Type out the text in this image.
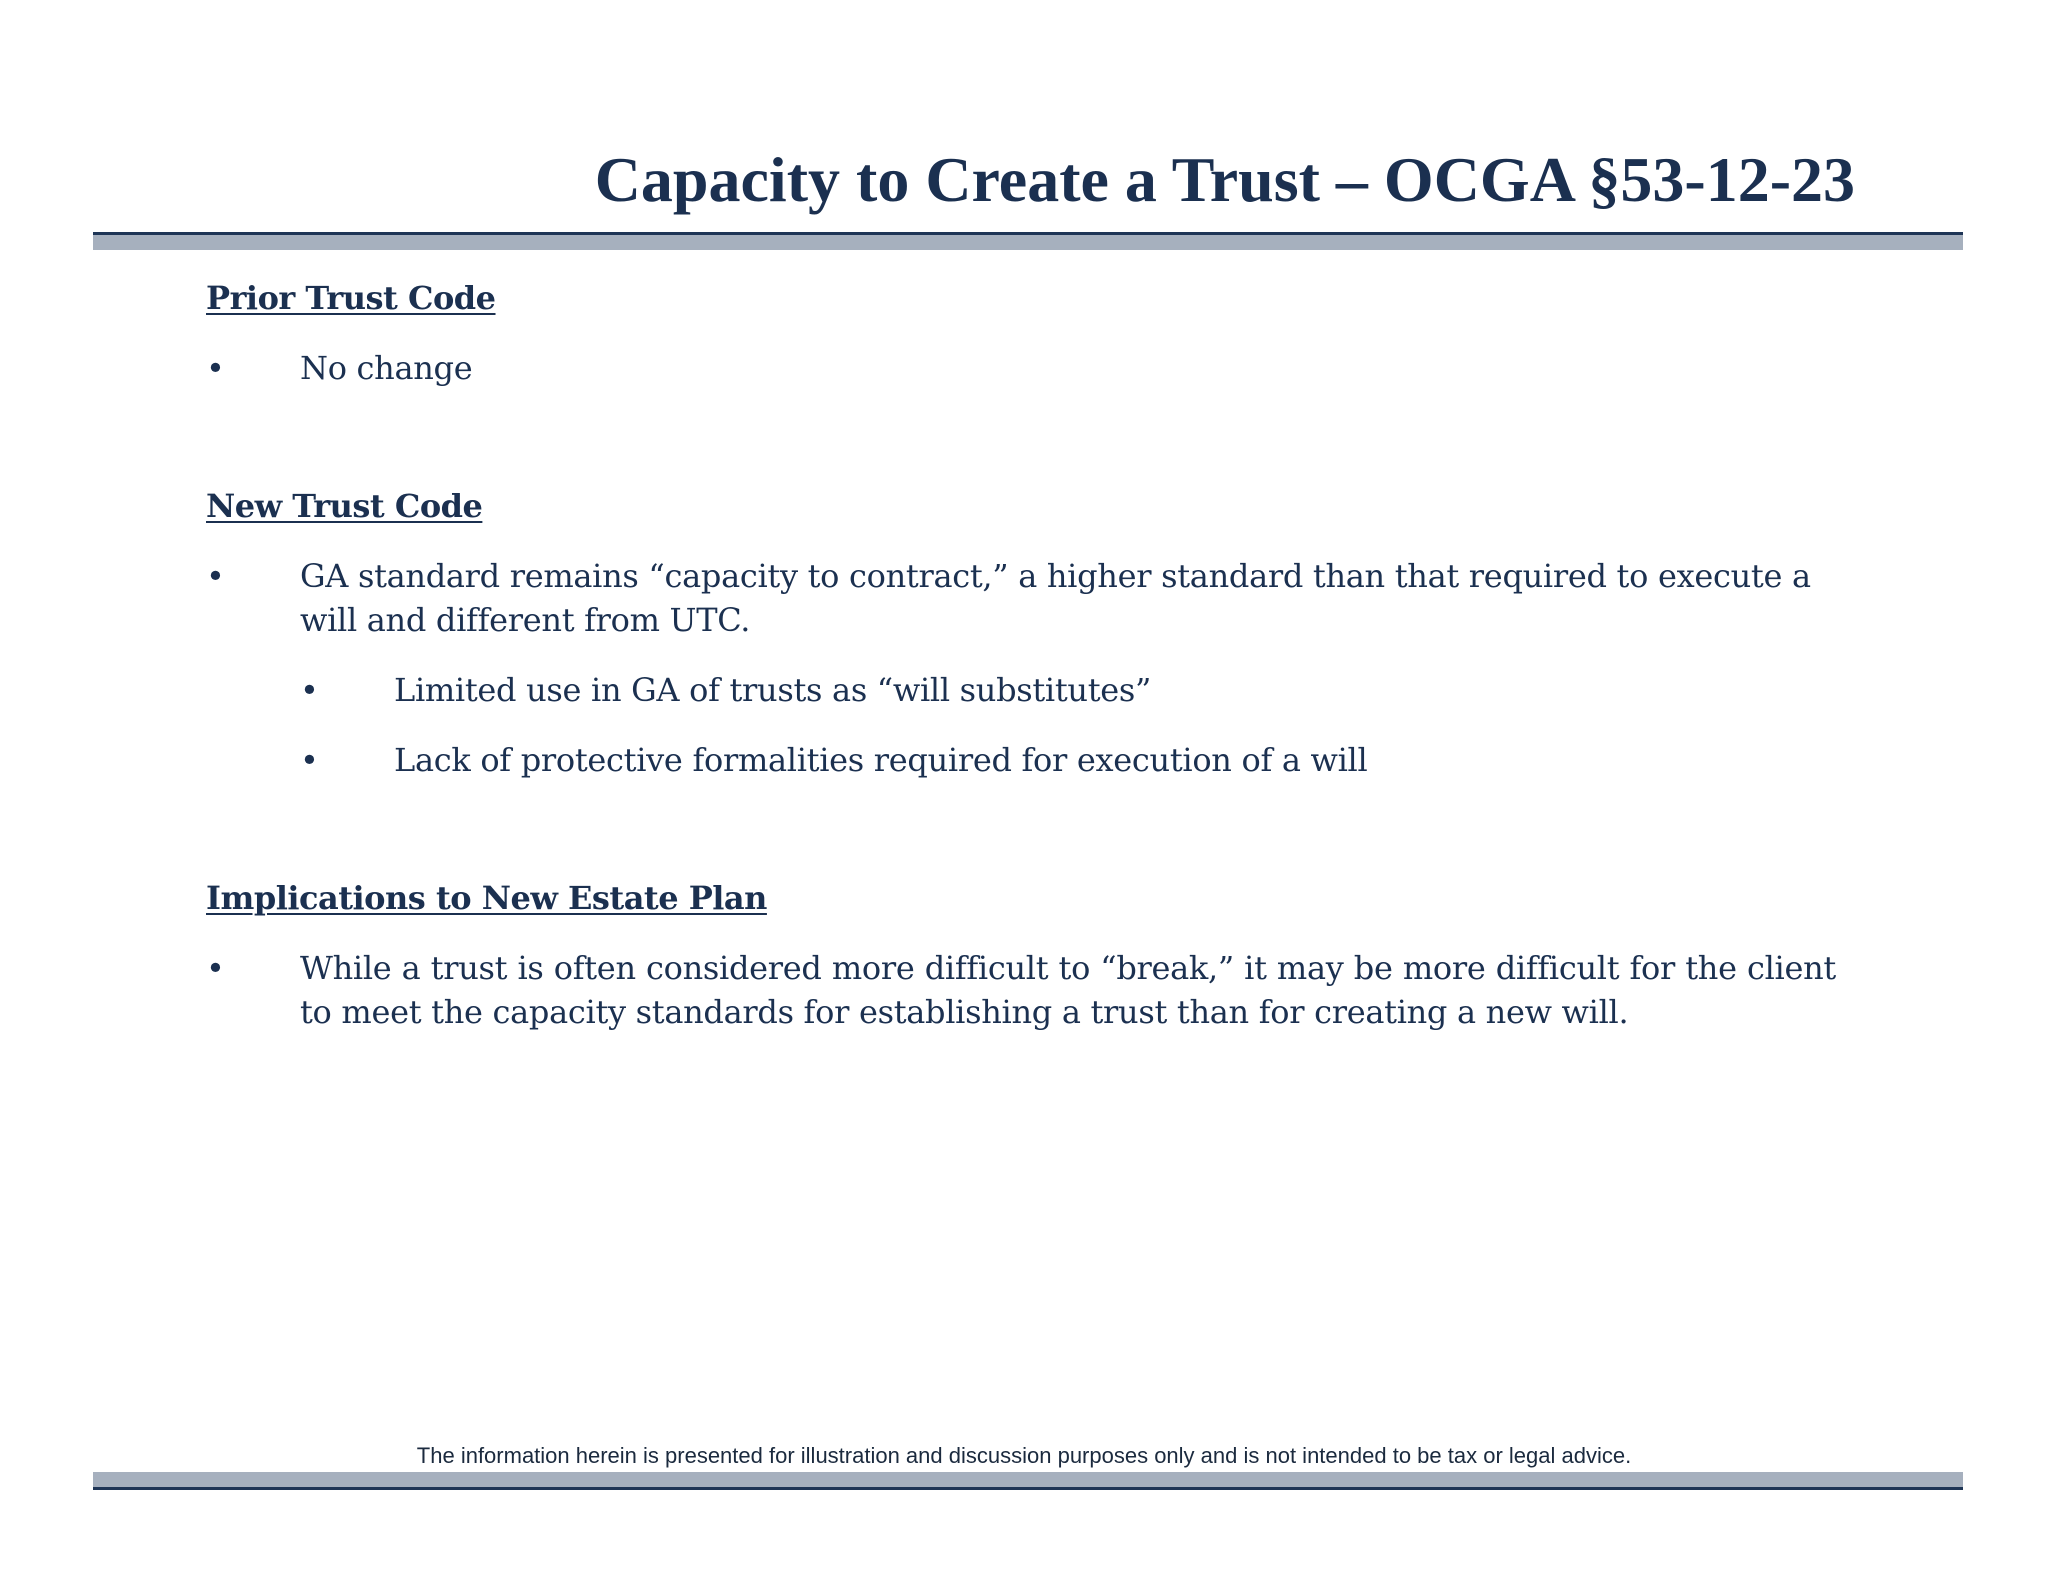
Capacity to Create a Trust – OCGA §53-12-23

Prior Trust Code

•	No change

New Trust Code

•	GA standard remains “capacity to contract,” a higher standard than that required to execute a will and different from UTC.
•	Limited use in GA of trusts as “will substitutes”
•	Lack of protective formalities required for execution of a will

Implications to New Estate Plan

•	While a trust is often considered more difficult to “break,” it may be more difficult for the client to meet the capacity standards for establishing a trust than for creating a new will.
The information herein is presented for illustration and discussion purposes only and is not intended to be tax or legal advice.
